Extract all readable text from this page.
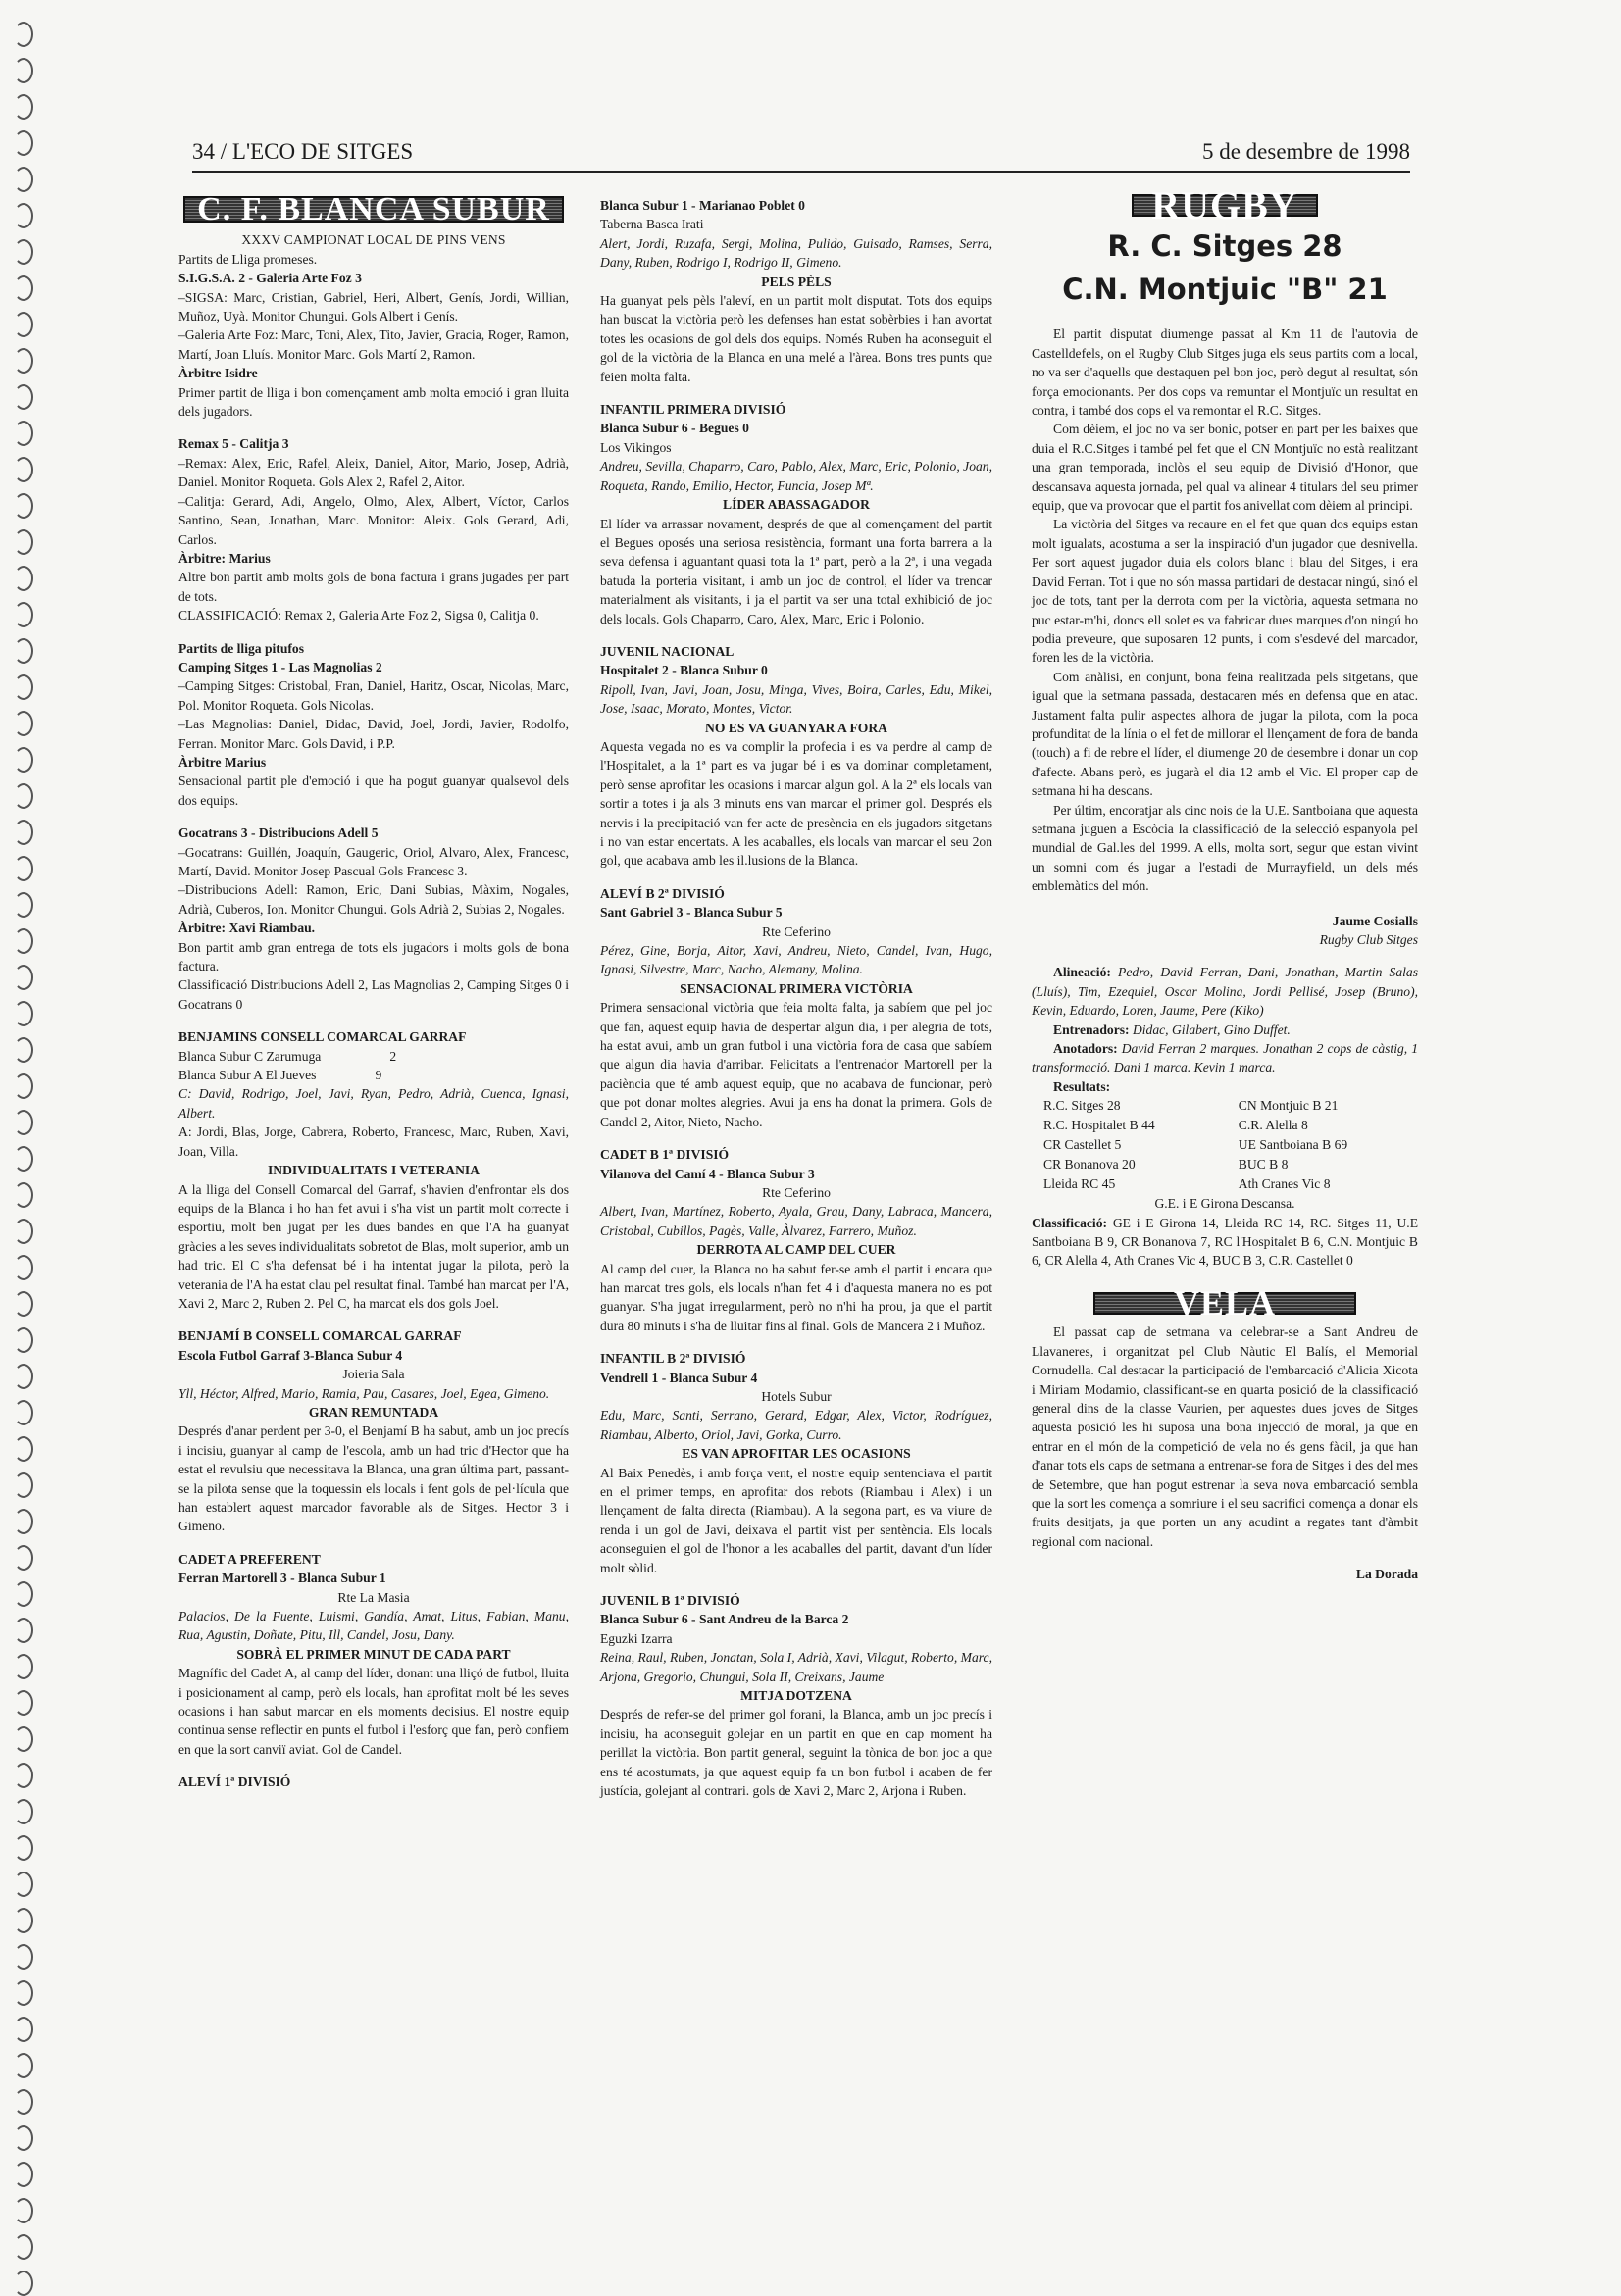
34 / L'ECO DE SITGES	5 de desembre de 1998
C. F. BLANCA SUBUR

XXXV CAMPIONAT LOCAL DE PINS VENS

Partits de Lliga promeses.

S.I.G.S.A. 2 - Galeria Arte Foz 3

–SIGSA: Marc, Cristian, Gabriel, Heri, Albert, Genís, Jordi, Willian, Muñoz, Uyà. Monitor Chungui. Gols Albert i Genís.

–Galeria Arte Foz: Marc, Toni, Alex, Tito, Javier, Gracia, Roger, Ramon, Martí, Joan Lluís. Monitor Marc. Gols Martí 2, Ramon.

Àrbitre Isidre

Primer partit de lliga i bon començament amb molta emoció i gran lluita dels jugadors.

Remax 5 - Calitja 3

–Remax: Alex, Eric, Rafel, Aleix, Daniel, Aitor, Mario, Josep, Adrià, Daniel. Monitor Roqueta. Gols Alex 2, Rafel 2, Aitor.

–Calitja: Gerard, Adi, Angelo, Olmo, Alex, Albert, Víctor, Carlos Santino, Sean, Jonathan, Marc. Monitor: Aleix. Gols Gerard, Adi, Carlos.

Àrbitre: Marius

Altre bon partit amb molts gols de bona factura i grans jugades per part de tots.

CLASSIFICACIÓ: Remax 2, Galeria Arte Foz 2, Sigsa 0, Calitja 0.

Partits de lliga pitufos

Camping Sitges 1 - Las Magnolias 2

–Camping Sitges: Cristobal, Fran, Daniel, Haritz, Oscar, Nicolas, Marc, Pol. Monitor Roqueta. Gols Nicolas.

–Las Magnolias: Daniel, Didac, David, Joel, Jordi, Javier, Rodolfo, Ferran. Monitor Marc. Gols David, i P.P.

Àrbitre Marius

Sensacional partit ple d'emoció i que ha pogut guanyar qualsevol dels dos equips.

Gocatrans 3 - Distribucions Adell 5

–Gocatrans: Guillén, Joaquín, Gaugeric, Oriol, Alvaro, Alex, Francesc, Martí, David. Monitor Josep Pascual Gols Francesc 3.

–Distribucions Adell: Ramon, Eric, Dani Subias, Màxim, Nogales, Adrià, Cuberos, Ion. Monitor Chungui. Gols Adrià 2, Subias 2, Nogales.

Àrbitre: Xavi Riambau.

Bon partit amb gran entrega de tots els jugadors i molts gols de bona factura.

Classificació Distribucions Adell 2, Las Magnolias 2, Camping Sitges 0 i Gocatrans 0

BENJAMINS CONSELL COMARCAL GARRAF

Blanca Subur C Zarumuga	2

Blanca Subur A El Jueves	9

C: David, Rodrigo, Joel, Javi, Ryan, Pedro, Adrià, Cuenca, Ignasi, Albert.

A: Jordi, Blas, Jorge, Cabrera, Roberto, Francesc, Marc, Ruben, Xavi, Joan, Villa.

INDIVIDUALITATS I VETERANIA

A la lliga del Consell Comarcal del Garraf, s'havien d'enfrontar els dos equips de la Blanca i ho han fet avui i s'ha vist un partit molt correcte i esportiu, molt ben jugat per les dues bandes en que l'A ha guanyat gràcies a les seves individualitats sobretot de Blas, molt superior, amb un had tric. El C s'ha defensat bé i ha intentat jugar la pilota, però la veterania de l'A ha estat clau pel resultat final. També han marcat per l'A, Xavi 2, Marc 2, Ruben 2. Pel C, ha marcat els dos gols Joel.

BENJAMÍ B CONSELL COMARCAL GARRAF

Escola Futbol Garraf 3-Blanca Subur 4

Joieria Sala

Yll, Héctor, Alfred, Mario, Ramia, Pau, Casares, Joel, Egea, Gimeno.

GRAN REMUNTADA

Després d'anar perdent per 3-0, el Benjamí B ha sabut, amb un joc precís i incisiu, guanyar al camp de l'escola, amb un had tric d'Hector que ha estat el revulsiu que necessitava la Blanca, una gran última part, passant-se la pilota sense que la toquessin els locals i fent gols de pel·lícula que han establert aquest marcador favorable als de Sitges. Hector 3 i Gimeno.

CADET A PREFERENT

Ferran Martorell 3 - Blanca Subur 1

Rte La Masia

Palacios, De la Fuente, Luismi, Gandía, Amat, Litus, Fabian, Manu, Rua, Agustin, Doñate, Pitu, Ill, Candel, Josu, Dany.

SOBRÀ EL PRIMER MINUT DE CADA PART

Magnífic del Cadet A, al camp del líder, donant una lliçó de futbol, lluita i posicionament al camp, però els locals, han aprofitat molt bé les seves ocasions i han sabut marcar en els moments decisius. El nostre equip continua sense reflectir en punts el futbol i l'esforç que fan, però confiem en que la sort canviï aviat. Gol de Candel.

ALEVÍ 1ª DIVISIÓ

Blanca Subur 1 - Marianao Poblet 0

Taberna Basca Irati

Alert, Jordi, Ruzafa, Sergi, Molina, Pulido, Guisado, Ramses, Serra, Dany, Ruben, Rodrigo I, Rodrigo II, Gimeno.

PELS PÈLS

Ha guanyat pels pèls l'aleví, en un partit molt disputat. Tots dos equips han buscat la victòria però les defenses han estat sobèrbies i han avortat totes les ocasions de gol dels dos equips. Només Ruben ha aconseguit el gol de la victòria de la Blanca en una melé a l'àrea. Bons tres punts que feien molta falta.

INFANTIL PRIMERA DIVISIÓ

Blanca Subur 6 - Begues 0

Los Vikingos

Andreu, Sevilla, Chaparro, Caro, Pablo, Alex, Marc, Eric, Polonio, Joan, Roqueta, Rando, Emilio, Hector, Funcia, Josep Mª.

LÍDER ABASSAGADOR

El líder va arrassar novament, després de que al començament del partit el Begues oposés una seriosa resistència, formant una forta barrera a la seva defensa i aguantant quasi tota la 1ª part, però a la 2ª, i una vegada batuda la porteria visitant, i amb un joc de control, el líder va trencar materialment als visitants, i ja el partit va ser una total exhibició de joc dels locals. Gols Chaparro, Caro, Alex, Marc, Eric i Polonio.

JUVENIL NACIONAL

Hospitalet 2 - Blanca Subur 0

Ripoll, Ivan, Javi, Joan, Josu, Minga, Vives, Boira, Carles, Edu, Mikel, Jose, Isaac, Morato, Montes, Victor.

NO ES VA GUANYAR A FORA

Aquesta vegada no es va complir la profecia i es va perdre al camp de l'Hospitalet, a la 1ª part es va jugar bé i es va dominar completament, però sense aprofitar les ocasions i marcar algun gol. A la 2ª els locals van sortir a totes i ja als 3 minuts ens van marcar el primer gol. Després els nervis i la precipitació van fer acte de presència en els jugadors sitgetans i no van estar encertats. A les acaballes, els locals van marcar el seu 2on gol, que acabava amb les il.lusions de la Blanca.

ALEVÍ B 2ª DIVISIÓ

Sant Gabriel 3 - Blanca Subur 5

Rte Ceferino

Pérez, Gine, Borja, Aitor, Xavi, Andreu, Nieto, Candel, Ivan, Hugo, Ignasi, Silvestre, Marc, Nacho, Alemany, Molina.

SENSACIONAL PRIMERA VICTÒRIA

Primera sensacional victòria que feia molta falta, ja sabíem que pel joc que fan, aquest equip havia de despertar algun dia, i per alegria de tots, ha estat avui, amb un gran futbol i una victòria fora de casa que sabíem que algun dia havia d'arribar. Felicitats a l'entrenador Martorell per la paciència que té amb aquest equip, que no acabava de funcionar, però que pot donar moltes alegries. Avui ja ens ha donat la primera. Gols de Candel 2, Aitor, Nieto, Nacho.

CADET B 1ª DIVISIÓ

Vilanova del Camí 4 - Blanca Subur 3

Rte Ceferino

Albert, Ivan, Martínez, Roberto, Ayala, Grau, Dany, Labraca, Mancera, Cristobal, Cubillos, Pagès, Valle, Àlvarez, Farrero, Muñoz.

DERROTA AL CAMP DEL CUER

Al camp del cuer, la Blanca no ha sabut fer-se amb el partit i encara que han marcat tres gols, els locals n'han fet 4 i d'aquesta manera no es pot guanyar. S'ha jugat irregularment, però no n'hi ha prou, ja que el partit dura 80 minuts i s'ha de lluitar fins al final. Gols de Mancera 2 i Muñoz.

INFANTIL B 2ª DIVISIÓ

Vendrell 1 - Blanca Subur 4

Hotels Subur

Edu, Marc, Santi, Serrano, Gerard, Edgar, Alex, Victor, Rodríguez, Riambau, Alberto, Oriol, Javi, Gorka, Curro.

ES VAN APROFITAR LES OCASIONS

Al Baix Penedès, i amb força vent, el nostre equip sentenciava el partit en el primer temps, en aprofitar dos rebots (Riambau i Alex) i un llençament de falta directa (Riambau). A la segona part, es va viure de renda i un gol de Javi, deixava el partit vist per sentència. Els locals aconseguien el gol de l'honor a les acaballes del partit, davant d'un líder molt sòlid.

JUVENIL B 1ª DIVISIÓ

Blanca Subur 6 - Sant Andreu de la Barca 2

Eguzki Izarra

Reina, Raul, Ruben, Jonatan, Sola I, Adrià, Xavi, Vilagut, Roberto, Marc, Arjona, Gregorio, Chungui, Sola II, Creixans, Jaume

MITJA DOTZENA

Després de refer-se del primer gol forani, la Blanca, amb un joc precís i incisiu, ha aconseguit golejar en un partit en que en cap moment ha perillat la victòria. Bon partit general, seguint la tònica de bon joc a que ens té acostumats, ja que aquest equip fa un bon futbol i acaben de fer justícia, golejant al contrari. gols de Xavi 2, Marc 2, Arjona i Ruben.

RUGBY
R. C. Sitges 28
C.N. Montjuic "B" 21

El partit disputat diumenge passat al Km 11 de l'autovia de Castelldefels, on el Rugby Club Sitges juga els seus partits com a local, no va ser d'aquells que destaquen pel bon joc, però degut al resultat, són força emocionants. Per dos cops va remuntar el Montjuïc un resultat en contra, i també dos cops el va remontar el R.C. Sitges.

Com dèiem, el joc no va ser bonic, potser en part per les baixes que duia el R.C.Sitges i també pel fet que el CN Montjuïc no està realitzant una gran temporada, inclòs el seu equip de Divisió d'Honor, que descansava aquesta jornada, pel qual va alinear 4 titulars del seu primer equip, que va provocar que el partit fos anivellat com dèiem al principi.

La victòria del Sitges va recaure en el fet que quan dos equips estan molt igualats, acostuma a ser la inspiració d'un jugador que desnivella. Per sort aquest jugador duia els colors blanc i blau del Sitges, i era David Ferran. Tot i que no són massa partidari de destacar ningú, sinó el joc de tots, tant per la derrota com per la victòria, aquesta setmana no puc estar-m'hi, doncs ell solet es va fabricar dues marques d'on ningú ho podia preveure, que suposaren 12 punts, i com s'esdevé del marcador, foren les de la victòria.

Com anàlisi, en conjunt, bona feina realitzada pels sitgetans, que igual que la setmana passada, destacaren més en defensa que en atac. Justament falta pulir aspectes alhora de jugar la pilota, com la poca profunditat de la línia o el fet de millorar el llençament de fora de banda (touch) a fi de rebre el líder, el diumenge 20 de desembre i donar un cop d'afecte. Abans però, es jugarà el dia 12 amb el Vic. El proper cap de setmana hi ha descans.

Per últim, encoratjar als cinc nois de la U.E. Santboiana que aquesta setmana juguen a Escòcia la classificació de la selecció espanyola pel mundial de Gal.les del 1999. A ells, molta sort, segur que estan vivint un somni com és jugar a l'estadi de Murrayfield, un dels més emblemàtics del món.

Jaume Cosialls
Rugby Club Sitges

Alineació: Pedro, David Ferran, Dani, Jonathan, Martin Salas (Lluís), Tim, Ezequiel, Oscar Molina, Jordi Pellisé, Josep (Bruno), Kevin, Eduardo, Loren, Jaume, Pere (Kiko)

Entrenadors: Didac, Gilabert, Gino Duffet.

Anotadors: David Ferran 2 marques. Jonathan 2 cops de càstig, 1 transformació. Dani 1 marca. Kevin 1 marca.

Resultats:

R.C. Sitges 28	CN Montjuic B 21
R.C. Hospitalet B 44	C.R. Alella 8
CR Castellet 5	UE Santboiana B 69
CR Bonanova 20	BUC B 8
Lleida RC 45	Ath Cranes Vic 8

G.E. i E Girona Descansa.

Classificació: GE i E Girona 14, Lleida RC 14, RC. Sitges 11, U.E Santboiana B 9, CR Bonanova 7, RC l'Hospitalet B 6, C.N. Montjuic B 6, CR Alella 4, Ath Cranes Vic 4, BUC B 3, C.R. Castellet 0

VELA

El passat cap de setmana va celebrar-se a Sant Andreu de Llavaneres, i organitzat pel Club Nàutic El Balís, el Memorial Cornudella. Cal destacar la participació de l'embarcació d'Alicia Xicota i Miriam Modamio, classificant-se en quarta posició de la classificació general dins de la classe Vaurien, per aquestes dues joves de Sitges aquesta posició les hi suposa una bona injecció de moral, ja que en entrar en el món de la competició de vela no és gens fàcil, ja que han d'anar tots els caps de setmana a entrenar-se fora de Sitges i des del mes de Setembre, que han pogut estrenar la seva nova embarcació sembla que la sort les comença a somriure i el seu sacrifici comença a donar els fruits desitjats, ja que porten un any acudint a regates tant d'àmbit regional com nacional.

La Dorada
